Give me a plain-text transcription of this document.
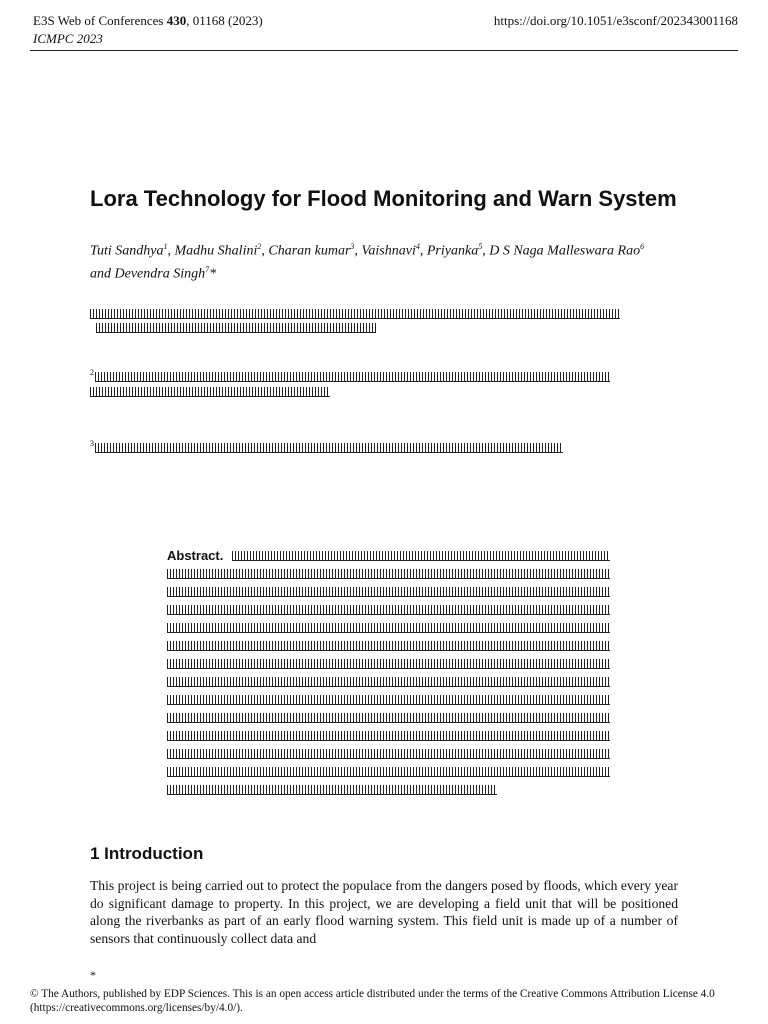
E3S Web of Conferences 430, 01168 (2023)
ICMPC 2023
https://doi.org/10.1051/e3sconf/202343001168
Lora Technology for Flood Monitoring and Warn System
Tuti Sandhya$^1$, Madhu Shalini$^2$, Charan kumar$^3$, Vaishnavi$^4$, Priyanka$^5$, D S Naga Malleswara Rao$^6$ and Devendra Singh$^7$*
2
3
Abstract.
1 Introduction
This project is being carried out to protect the populace from the dangers posed by floods, which every year do significant damage to property. In this project, we are developing a field unit that will be positioned along the riverbanks as part of an early flood warning system. This field unit is made up of a number of sensors that continuously collect data and
*
© The Authors, published by EDP Sciences. This is an open access article distributed under the terms of the Creative Commons Attribution License 4.0 (https://creativecommons.org/licenses/by/4.0/).
